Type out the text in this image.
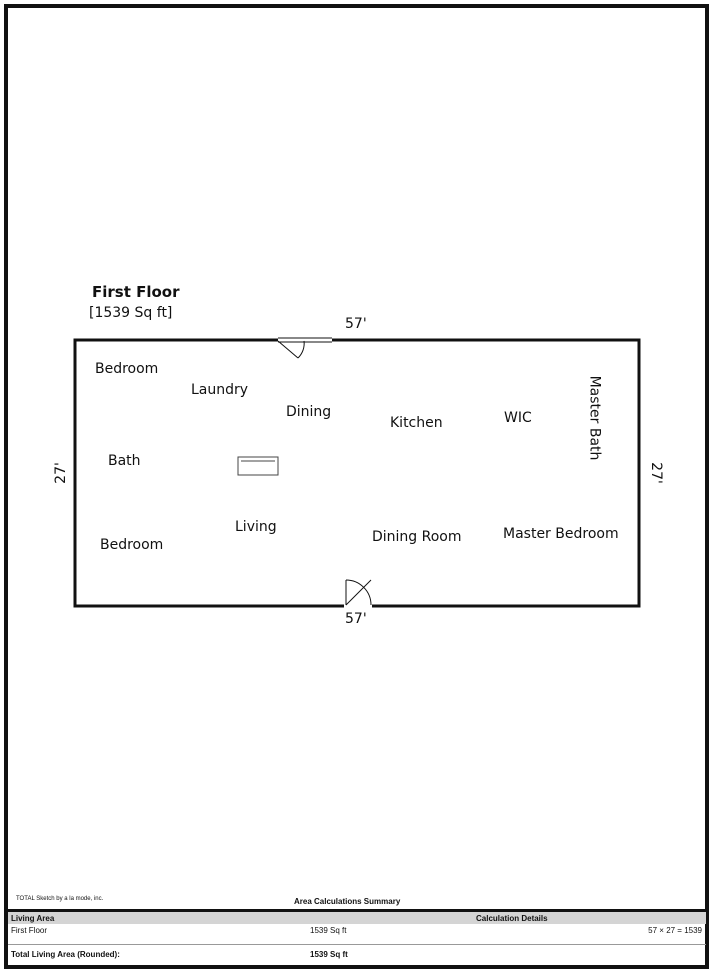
First Floor
[1539 Sq ft]
57'
57'
27'	27'
Bedroom
Laundry
Dining
Kitchen	WIC	Master Bath
Bath
Living
Bedroom	Dining Room	Master Bedroom
TOTAL Sketch by a la mode, inc.	Area Calculations Summary
Living Area	Calculation Details
First Floor	1539 Sq ft	57 × 27 = 1539
Total Living Area (Rounded):	1539 Sq ft
